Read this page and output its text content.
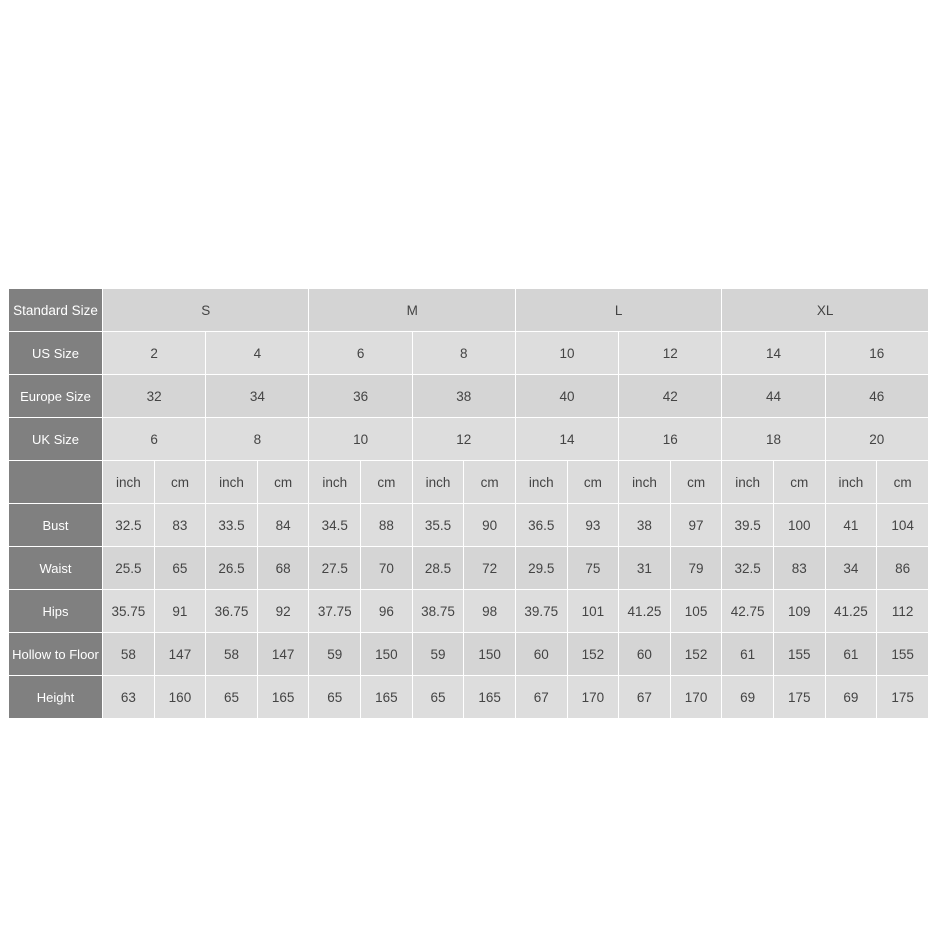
Standard Size	S				M				L				XL			
US Size	2		4		6		8		10		12		14		16	
Europe Size	32		34		36		38		40		42		44		46	
UK Size	6		8		10		12		14		16		18		20	
	inch	cm	inch	cm	inch	cm	inch	cm	inch	cm	inch	cm	inch	cm	inch	cm
Bust	32.5	83	33.5	84	34.5	88	35.5	90	36.5	93	38	97	39.5	100	41	104
Waist	25.5	65	26.5	68	27.5	70	28.5	72	29.5	75	31	79	32.5	83	34	86
Hips	35.75	91	36.75	92	37.75	96	38.75	98	39.75	101	41.25	105	42.75	109	41.25	112
Hollow to Floor	58	147	58	147	59	150	59	150	60	152	60	152	61	155	61	155
Height	63	160	65	165	65	165	65	165	67	170	67	170	69	175	69	175
